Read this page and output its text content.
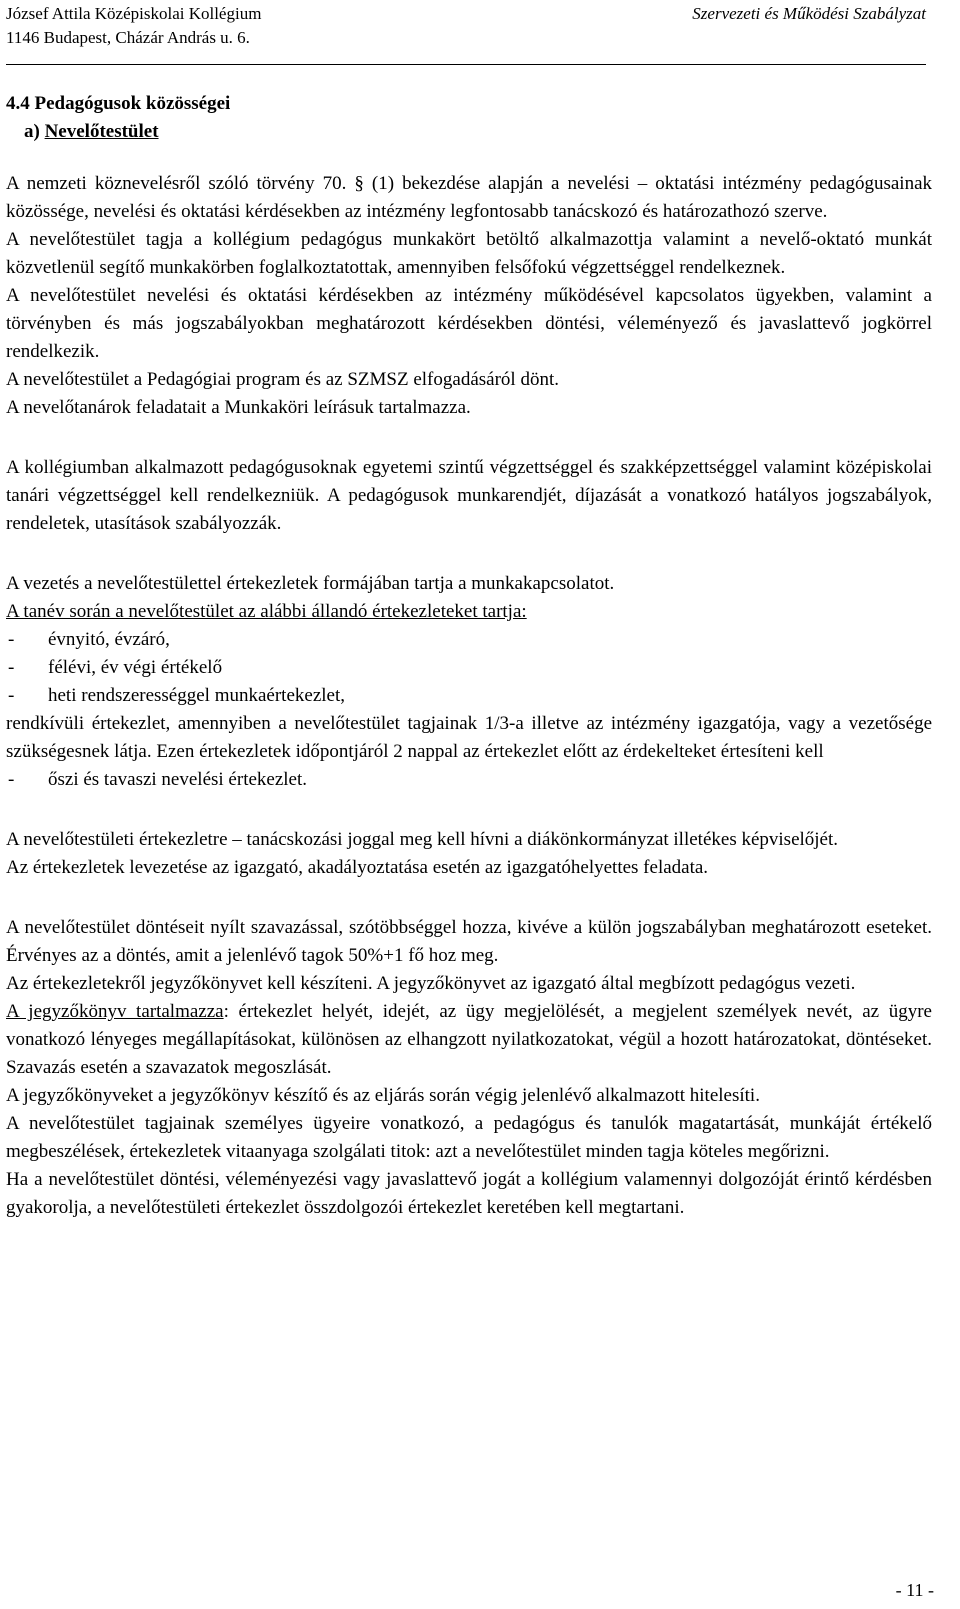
József Attila Középiskolai Kollégium	Szervezeti és Működési Szabályzat
1146 Budapest, Cházár András u. 6.
4.4 Pedagógusok közösségei
a) Nevelőtestület

A nemzeti köznevelésről szóló törvény 70. § (1) bekezdése alapján a nevelési – oktatási intézmény pedagógusainak közössége, nevelési és oktatási kérdésekben az intézmény legfontosabb tanácskozó és határozathozó szerve.

A nevelőtestület tagja a kollégium pedagógus munkakört betöltő alkalmazottja valamint a nevelő-oktató munkát közvetlenül segítő munkakörben foglalkoztatottak, amennyiben felsőfokú végzettséggel rendelkeznek.

A nevelőtestület nevelési és oktatási kérdésekben az intézmény működésével kapcsolatos ügyekben, valamint a törvényben és más jogszabályokban meghatározott kérdésekben döntési, véleményező és javaslattevő jogkörrel rendelkezik.

A nevelőtestület a Pedagógiai program és az SZMSZ elfogadásáról dönt.

A nevelőtanárok feladatait a Munkaköri leírásuk tartalmazza.

A kollégiumban alkalmazott pedagógusoknak egyetemi szintű végzettséggel és szakképzettséggel valamint középiskolai tanári végzettséggel kell rendelkezniük. A pedagógusok munkarendjét, díjazását a vonatkozó hatályos jogszabályok, rendeletek, utasítások szabályozzák.

A vezetés a nevelőtestülettel értekezletek formájában tartja a munkakapcsolatot.

A tanév során a nevelőtestület az alábbi állandó értekezleteket tartja:

- évnyitó, évzáró,
- félévi, év végi értékelő
- heti rendszerességgel munkaértekezlet,

rendkívüli értekezlet, amennyiben a nevelőtestület tagjainak 1/3-a illetve az intézmény igazgatója, vagy a vezetősége szükségesnek látja. Ezen értekezletek időpontjáról 2 nappal az értekezlet előtt az érdekelteket értesíteni kell

- őszi és tavaszi nevelési értekezlet.

A nevelőtestületi értekezletre – tanácskozási joggal meg kell hívni a diákönkormányzat illetékes képviselőjét.

Az értekezletek levezetése az igazgató, akadályoztatása esetén az igazgatóhelyettes feladata.

A nevelőtestület döntéseit nyílt szavazással, szótöbbséggel hozza, kivéve a külön jogszabályban meghatározott eseteket. Érvényes az a döntés, amit a jelenlévő tagok 50%+1 fő hoz meg.

Az értekezletekről jegyzőkönyvet kell készíteni. A jegyzőkönyvet az igazgató által megbízott pedagógus vezeti.

A jegyzőkönyv tartalmazza: értekezlet helyét, idejét, az ügy megjelölését, a megjelent személyek nevét, az ügyre vonatkozó lényeges megállapításokat, különösen az elhangzott nyilatkozatokat, végül a hozott határozatokat, döntéseket. Szavazás esetén a szavazatok megoszlását.

A jegyzőkönyveket a jegyzőkönyv készítő és az eljárás során végig jelenlévő alkalmazott hitelesíti.

A nevelőtestület tagjainak személyes ügyeire vonatkozó, a pedagógus és tanulók magatartását, munkáját értékelő megbeszélések, értekezletek vitaanyaga szolgálati titok: azt a nevelőtestület minden tagja köteles megőrizni.

Ha a nevelőtestület döntési, véleményezési vagy javaslattevő jogát a kollégium valamennyi dolgozóját érintő kérdésben gyakorolja, a nevelőtestületi értekezlet összdolgozói értekezlet keretében kell megtartani.

- 11 -
